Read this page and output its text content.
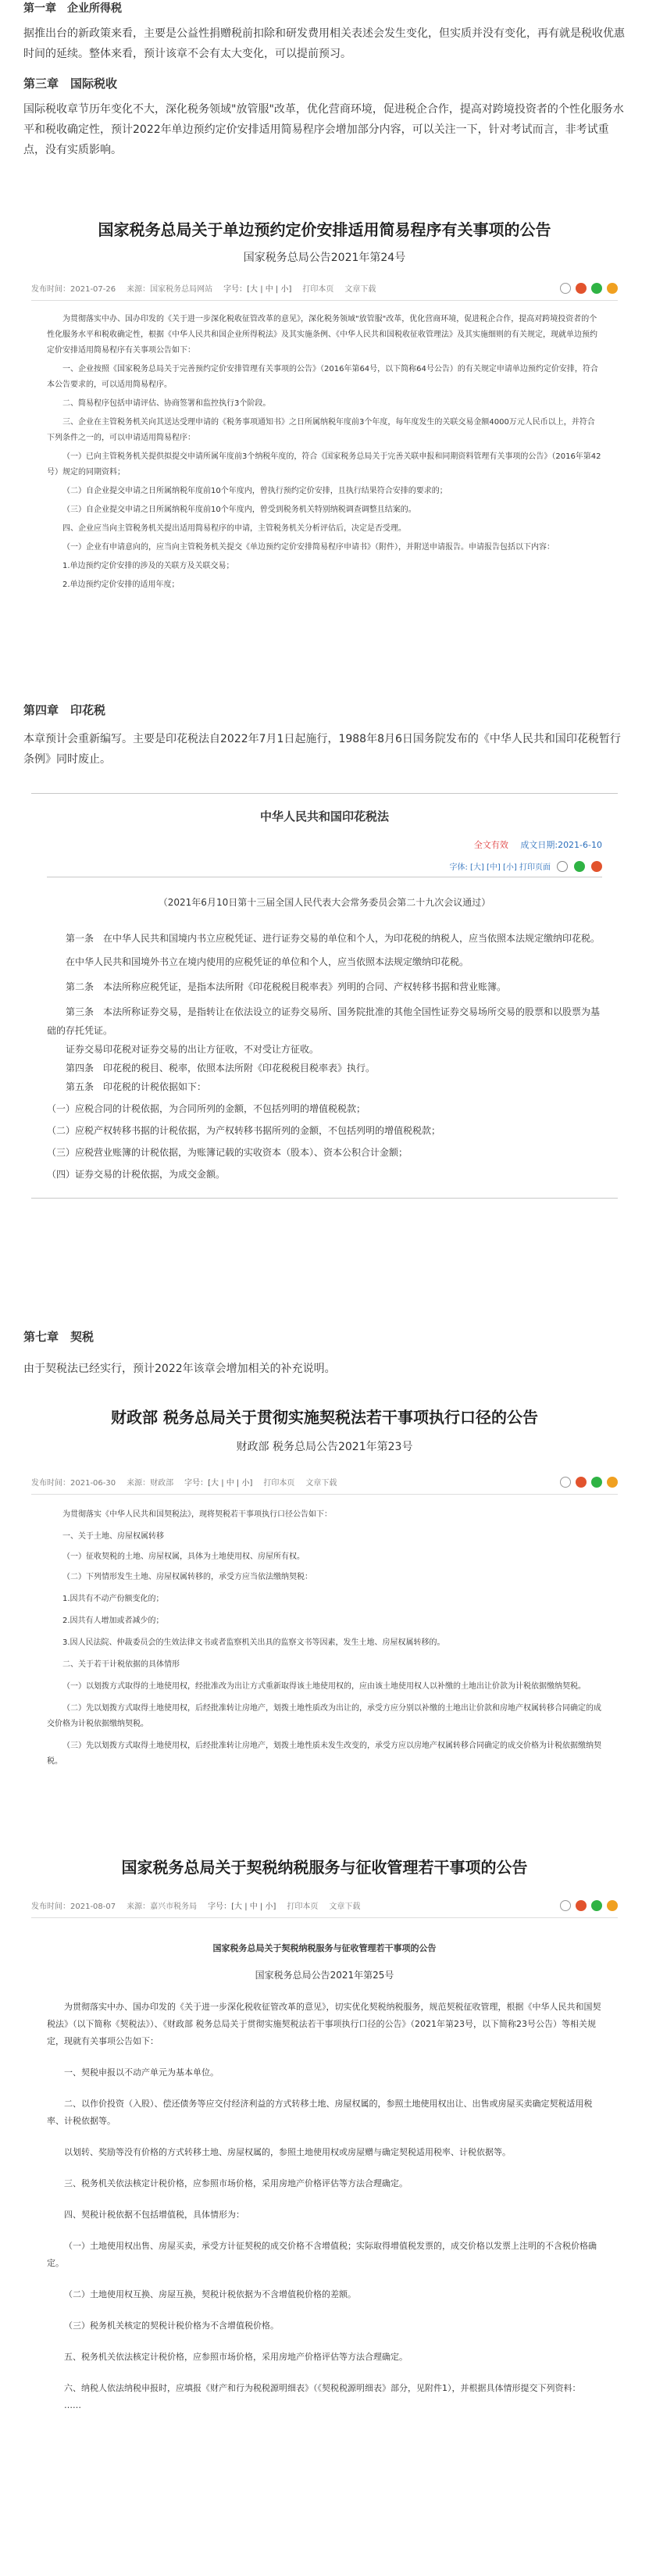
第一章　企业所得税
据推出台的新政策来看，主要是公益性捐赠税前扣除和研发费用相关表述会发生变化，但实质并没有变化，再有就是税收优惠时间的延续。整体来看，预计该章不会有太大变化，可以提前预习。
第三章　国际税收
国际税收章节历年变化不大，深化税务领域"放管服"改革，优化营商环境，促进税企合作，提高对跨境投资者的个性化服务水平和税收确定性，预计2022年单边预约定价安排适用简易程序会增加部分内容，可以关注一下，针对考试而言，非考试重点，没有实质影响。
国家税务总局关于单边预约定价安排适用简易程序有关事项的公告
国家税务总局公告2021年第24号
发布时间：2021-07-26 来源：国家税务总局网站 字号：[大 | 中 | 小] 打印本页 文章下载
为贯彻落实中办、国办印发的《关于进一步深化税收征管改革的意见》，深化税务领域"放管服"改革，优化营商环境，促进税企合作，提高对跨境投资者的个性化服务水平和税收确定性，根据《中华人民共和国企业所得税法》及其实施条例、《中华人民共和国税收征收管理法》及其实施细则的有关规定，现就单边预约定价安排适用简易程序有关事项公告如下：
一、企业按照《国家税务总局关于完善预约定价安排管理有关事项的公告》（2016年第64号，以下简称64号公告）的有关规定申请单边预约定价安排，符合本公告要求的，可以适用简易程序。
二、简易程序包括申请评估、协商签署和监控执行3个阶段。
三、企业在主管税务机关向其送达受理申请的《税务事项通知书》之日所属纳税年度前3个年度，每年度发生的关联交易金额4000万元人民币以上，并符合下列条件之一的，可以申请适用简易程序：
（一）已向主管税务机关提供拟提交申请所属年度前3个纳税年度的，符合《国家税务总局关于完善关联申报和同期资料管理有关事项的公告》（2016年第42号）规定的同期资料；
（二）自企业提交申请之日所属纳税年度前10个年度内，曾执行预约定价安排，且执行结果符合安排的要求的；
（三）自企业提交申请之日所属纳税年度前10个年度内，曾受到税务机关特别纳税调查调整且结案的。
四、企业应当向主管税务机关提出适用简易程序的申请，主管税务机关分析评估后，决定是否受理。
（一）企业有申请意向的，应当向主管税务机关提交《单边预约定价安排简易程序申请书》（附件），并附送申请报告。申请报告包括以下内容：
1.单边预约定价安排的涉及的关联方及关联交易；
2.单边预约定价安排的适用年度；
第四章　印花税
本章预计会重新编写。主要是印花税法自2022年7月1日起施行，1988年8月6日国务院发布的《中华人民共和国印花税暂行条例》同时废止。
中华人民共和国印花税法
全文有效 成文日期:2021-6-10
字体: [大] [中] [小] 打印页面
（2021年6月10日第十三届全国人民代表大会常务委员会第二十九次会议通过）
第一条　在中华人民共和国境内书立应税凭证、进行证券交易的单位和个人，为印花税的纳税人，应当依照本法规定缴纳印花税。
在中华人民共和国境外书立在境内使用的应税凭证的单位和个人，应当依照本法规定缴纳印花税。
第二条　本法所称应税凭证，是指本法所附《印花税税目税率表》列明的合同、产权转移书据和营业账簿。
第三条　本法所称证券交易，是指转让在依法设立的证券交易所、国务院批准的其他全国性证券交易场所交易的股票和以股票为基础的存托凭证。
证券交易印花税对证券交易的出让方征收，不对受让方征收。
第四条　印花税的税目、税率，依照本法所附《印花税税目税率表》执行。
第五条　印花税的计税依据如下：
（一）应税合同的计税依据，为合同所列的金额，不包括列明的增值税税款；
（二）应税产权转移书据的计税依据，为产权转移书据所列的金额，不包括列明的增值税税款；
（三）应税营业账簿的计税依据，为账簿记载的实收资本（股本）、资本公积合计金额；
（四）证券交易的计税依据，为成交金额。
第七章　契税
由于契税法已经实行，预计2022年该章会增加相关的补充说明。
财政部 税务总局关于贯彻实施契税法若干事项执行口径的公告
财政部 税务总局公告2021年第23号
发布时间：2021-06-30 来源：财政部 字号：[大 | 中 | 小] 打印本页 文章下载
为贯彻落实《中华人民共和国契税法》，现将契税若干事项执行口径公告如下：
一、关于土地、房屋权属转移
（一）征收契税的土地、房屋权属，具体为土地使用权、房屋所有权。
（二）下列情形发生土地、房屋权属转移的，承受方应当依法缴纳契税：
1.因共有不动产份额变化的；
2.因共有人增加或者减少的；
3.因人民法院、仲裁委员会的生效法律文书或者监察机关出具的监察文书等因素，发生土地、房屋权属转移的。
二、关于若干计税依据的具体情形
（一）以划拨方式取得的土地使用权，经批准改为出让方式重新取得该土地使用权的，应由该土地使用权人以补缴的土地出让价款为计税依据缴纳契税。
（二）先以划拨方式取得土地使用权，后经批准转让房地产，划拨土地性质改为出让的，承受方应分别以补缴的土地出让价款和房地产权属转移合同确定的成交价格为计税依据缴纳契税。
（三）先以划拨方式取得土地使用权，后经批准转让房地产，划拨土地性质未发生改变的，承受方应以房地产权属转移合同确定的成交价格为计税依据缴纳契税。
国家税务总局关于契税纳税服务与征收管理若干事项的公告
发布时间：2021-08-07 来源：嘉兴市税务局 字号：[大 | 中 | 小] 打印本页 文章下载
国家税务总局关于契税纳税服务与征收管理若干事项的公告
国家税务总局公告2021年第25号
为贯彻落实中办、国办印发的《关于进一步深化税收征管改革的意见》，切实优化契税纳税服务，规范契税征收管理，根据《中华人民共和国契税法》（以下简称《契税法》）、《财政部 税务总局关于贯彻实施契税法若干事项执行口径的公告》（2021年第23号，以下简称23号公告）等相关规定，现就有关事项公告如下：
一、契税申报以不动产单元为基本单位。
二、以作价投资（入股）、偿还债务等应交付经济利益的方式转移土地、房屋权属的，参照土地使用权出让、出售或房屋买卖确定契税适用税率、计税依据等。
以划转、奖励等没有价格的方式转移土地、房屋权属的，参照土地使用权或房屋赠与确定契税适用税率、计税依据等。
三、税务机关依法核定计税价格，应参照市场价格，采用房地产价格评估等方法合理确定。
四、契税计税依据不包括增值税，具体情形为：
（一）土地使用权出售、房屋买卖，承受方计征契税的成交价格不含增值税；实际取得增值税发票的，成交价格以发票上注明的不含税价格确定。
（二）土地使用权互换、房屋互换，契税计税依据为不含增值税价格的差额。
（三）税务机关核定的契税计税价格为不含增值税价格。
五、税务机关依法核定计税价格，应参照市场价格，采用房地产价格评估等方法合理确定。
六、纳税人依法纳税申报时，应填报《财产和行为税税源明细表》（《契税税源明细表》部分，见附件1），并根据具体情形提交下列资料：
……
